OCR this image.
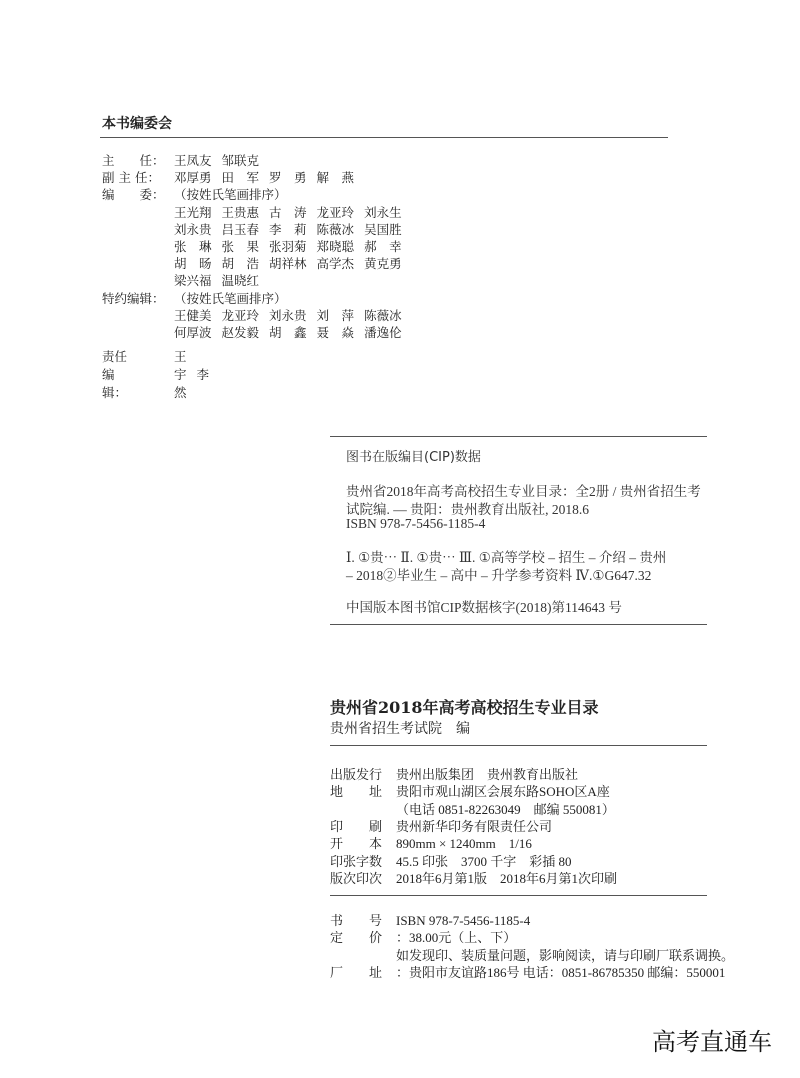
本书编委会
主　　任： 王凤友 邹联克
副 主 任： 邓厚勇 田　军 罗　勇 解　燕
编　　委： （按姓氏笔画排序）
王光翔 王贵惠 古　涛 龙亚玲 刘永生
刘永贵 吕玉春 李　莉 陈薇冰 吴国胜
张　琳 张　果 张羽菊 郑晓聪 郝　幸
胡　旸 胡　浩 胡祥林 高学杰 黄克勇
梁兴福 温晓红
特约编辑： （按姓氏笔画排序）
王健美 龙亚玲 刘永贵 刘　萍 陈薇冰
何厚波 赵发毅 胡　鑫 聂　焱 潘逸伦
责任编辑：
王　宇 李　然
图书在版编目(CIP)数据
贵州省2018年高考高校招生专业目录：全2册 / 贵州省招生考
试院编. — 贵阳：贵州教育出版社, 2018.6
ISBN 978-7-5456-1185-4
Ⅰ. ①贵⋯ Ⅱ. ①贵⋯ Ⅲ. ①高等学校 – 招生 – 介绍 – 贵州
– 2018②毕业生 – 高中 – 升学参考资料 Ⅳ.①G647.32
中国版本图书馆CIP数据核字(2018)第114643 号
贵州省2018年高考高校招生专业目录
贵州省招生考试院　编
出版发行 贵州出版集团　贵州教育出版社
地　　址 贵阳市观山湖区会展东路SOHO区A座
（电话 0851-82263049　邮编 550081）
印　　刷 贵州新华印务有限责任公司
开　　本 890mm × 1240mm　1/16
印张字数 45.5 印张　3700 千字　彩插 80
版次印次 2018年6月第1版　2018年6月第1次印刷
书　　号 ISBN 978-7-5456-1185-4
定　　价 ：38.00元（上、下）
如发现印、装质量问题，影响阅读，请与印刷厂联系调换。
厂　　址 ：贵阳市友谊路186号 电话：0851-86785350 邮编：550001
高考直通车
